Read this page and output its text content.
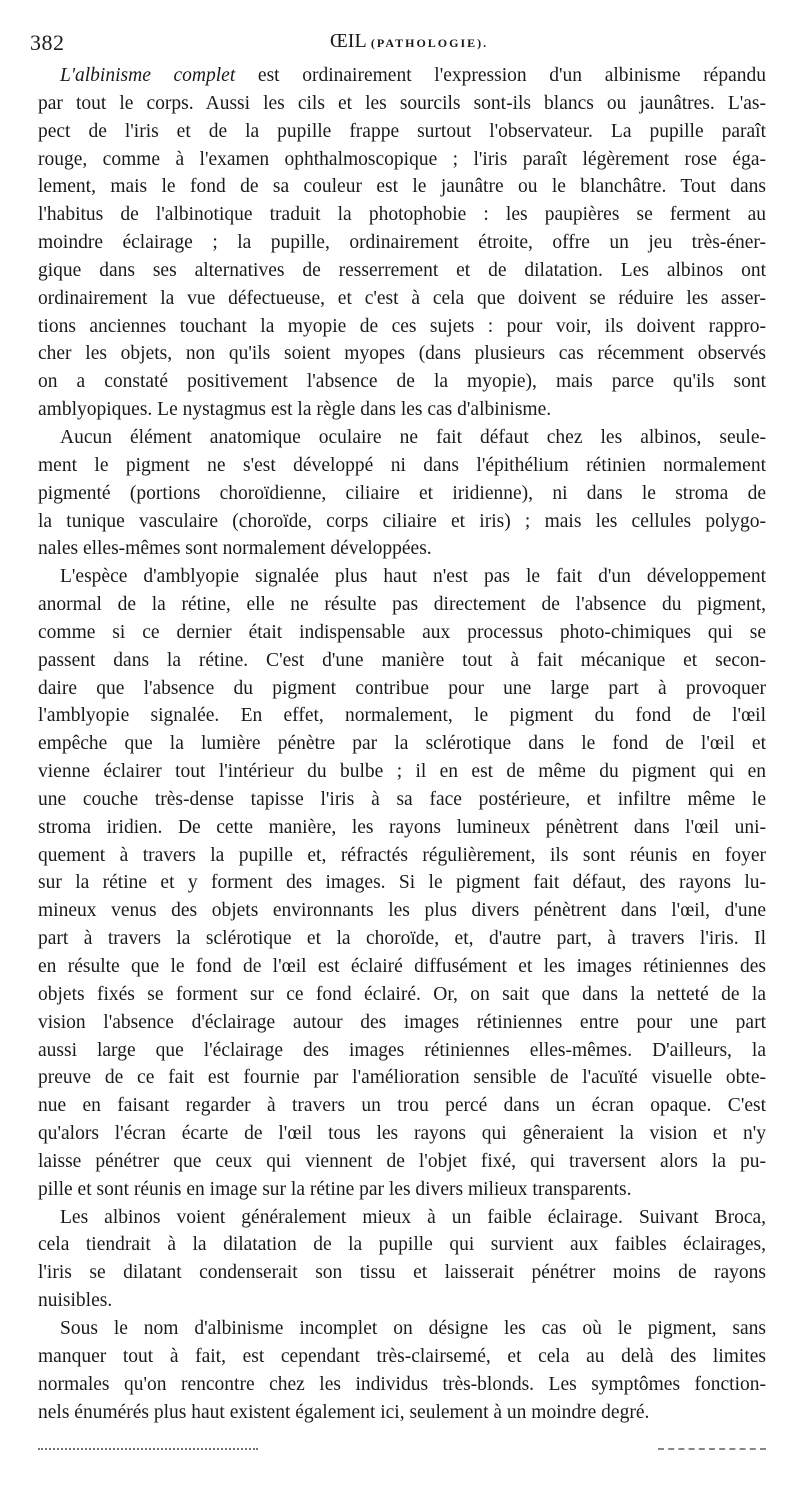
382	ŒIL (PATHOLOGIE).
L'albinisme complet est ordinairement l'expression d'un albinisme répandu
par tout le corps. Aussi les cils et les sourcils sont-ils blancs ou jaunâtres. L'as-
pect de l'iris et de la pupille frappe surtout l'observateur. La pupille paraît
rouge, comme à l'examen ophthalmoscopique ; l'iris paraît légèrement rose éga-
lement, mais le fond de sa couleur est le jaunâtre ou le blanchâtre. Tout dans
l'habitus de l'albinotique traduit la photophobie : les paupières se ferment au
moindre éclairage ; la pupille, ordinairement étroite, offre un jeu très-éner-
gique dans ses alternatives de resserrement et de dilatation. Les albinos ont
ordinairement la vue défectueuse, et c'est à cela que doivent se réduire les asser-
tions anciennes touchant la myopie de ces sujets : pour voir, ils doivent rappro-
cher les objets, non qu'ils soient myopes (dans plusieurs cas récemment observés
on a constaté positivement l'absence de la myopie), mais parce qu'ils sont
amblyopiques. Le nystagmus est la règle dans les cas d'albinisme.
Aucun élément anatomique oculaire ne fait défaut chez les albinos, seule-
ment le pigment ne s'est développé ni dans l'épithélium rétinien normalement
pigmenté (portions choroïdienne, ciliaire et iridienne), ni dans le stroma de
la tunique vasculaire (choroïde, corps ciliaire et iris) ; mais les cellules polygo-
nales elles-mêmes sont normalement développées.
L'espèce d'amblyopie signalée plus haut n'est pas le fait d'un développement
anormal de la rétine, elle ne résulte pas directement de l'absence du pigment,
comme si ce dernier était indispensable aux processus photo-chimiques qui se
passent dans la rétine. C'est d'une manière tout à fait mécanique et secon-
daire que l'absence du pigment contribue pour une large part à provoquer
l'amblyopie signalée. En effet, normalement, le pigment du fond de l'œil
empêche que la lumière pénètre par la sclérotique dans le fond de l'œil et
vienne éclairer tout l'intérieur du bulbe ; il en est de même du pigment qui en
une couche très-dense tapisse l'iris à sa face postérieure, et infiltre même le
stroma iridien. De cette manière, les rayons lumineux pénètrent dans l'œil uni-
quement à travers la pupille et, réfractés régulièrement, ils sont réunis en foyer
sur la rétine et y forment des images. Si le pigment fait défaut, des rayons lu-
mineux venus des objets environnants les plus divers pénètrent dans l'œil, d'une
part à travers la sclérotique et la choroïde, et, d'autre part, à travers l'iris. Il
en résulte que le fond de l'œil est éclairé diffusément et les images rétiniennes des
objets fixés se forment sur ce fond éclairé. Or, on sait que dans la netteté de la
vision l'absence d'éclairage autour des images rétiniennes entre pour une part
aussi large que l'éclairage des images rétiniennes elles-mêmes. D'ailleurs, la
preuve de ce fait est fournie par l'amélioration sensible de l'acuïté visuelle obte-
nue en faisant regarder à travers un trou percé dans un écran opaque. C'est
qu'alors l'écran écarte de l'œil tous les rayons qui gêneraient la vision et n'y
laisse pénétrer que ceux qui viennent de l'objet fixé, qui traversent alors la pu-
pille et sont réunis en image sur la rétine par les divers milieux transparents.
Les albinos voient généralement mieux à un faible éclairage. Suivant Broca,
cela tiendrait à la dilatation de la pupille qui survient aux faibles éclairages,
l'iris se dilatant condenserait son tissu et laisserait pénétrer moins de rayons
nuisibles.
Sous le nom d'albinisme incomplet on désigne les cas où le pigment, sans
manquer tout à fait, est cependant très-clairsemé, et cela au delà des limites
normales qu'on rencontre chez les individus très-blonds. Les symptômes fonction-
nels énumérés plus haut existent également ici, seulement à un moindre degré.
